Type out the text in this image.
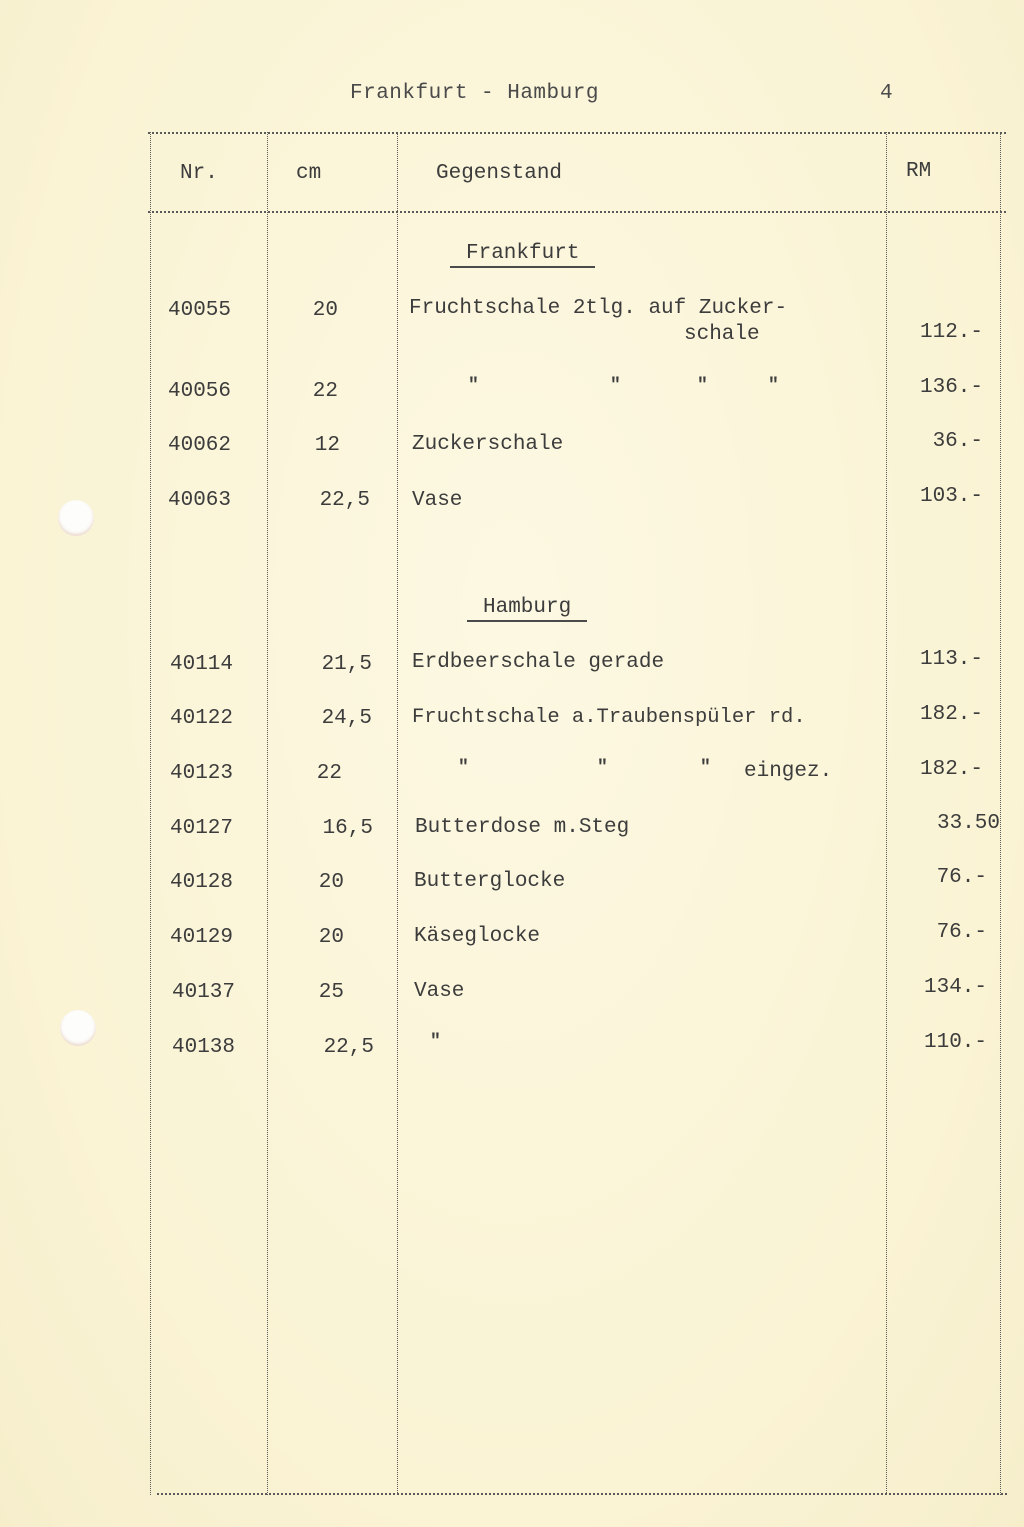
Frankfurt - Hamburg	4
Nr.	cm	Gegenstand	RM
Frankfurt
40055	20	Fruchtschale 2tlg. auf Zucker-
schale	112.-
40056	22	"	"	"	"	136.-
40062	12	Zuckerschale	36.-
40063	22,5 Vase	103.-
Hamburg
40114	21,5 Erdbeerschale gerade	113.-
40122	24,5 Fruchtschale a.Traubenspüler rd.	182.-
40123	22	"	"	" eingez.	182.-
40127	16,5 Butterdose m.Steg	33.50
40128	20	Butterglocke	76.-
40129	20	Käseglocke	76.-
40137	25	Vase	134.-
40138	22,5	"	110.-
